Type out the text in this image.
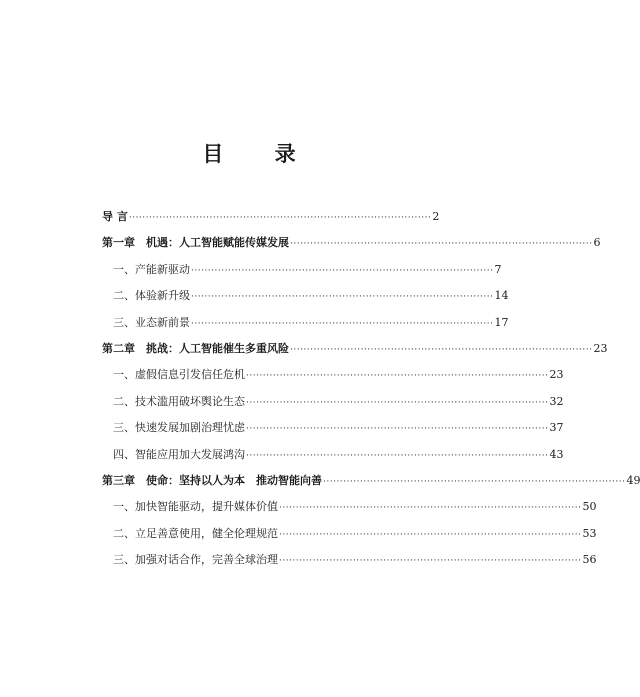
目 录
导 言 ·························································································· 2
第一章　机遇：人工智能赋能传媒发展 ·························································································· 6
一、产能新驱动 ·························································································· 7
二、体验新升级 ·························································································· 14
三、业态新前景 ·························································································· 17
第二章　挑战：人工智能催生多重风险 ·························································································· 23
一、虚假信息引发信任危机 ·························································································· 23
二、技术滥用破坏舆论生态 ·························································································· 32
三、快速发展加剧治理忧虑 ·························································································· 37
四、智能应用加大发展鸿沟 ·························································································· 43
第三章　使命：坚持以人为本　推动智能向善 ·························································································· 49
一、加快智能驱动，提升媒体价值 ·························································································· 50
二、立足善意使用，健全伦理规范 ·························································································· 53
三、加强对话合作，完善全球治理 ·························································································· 56
